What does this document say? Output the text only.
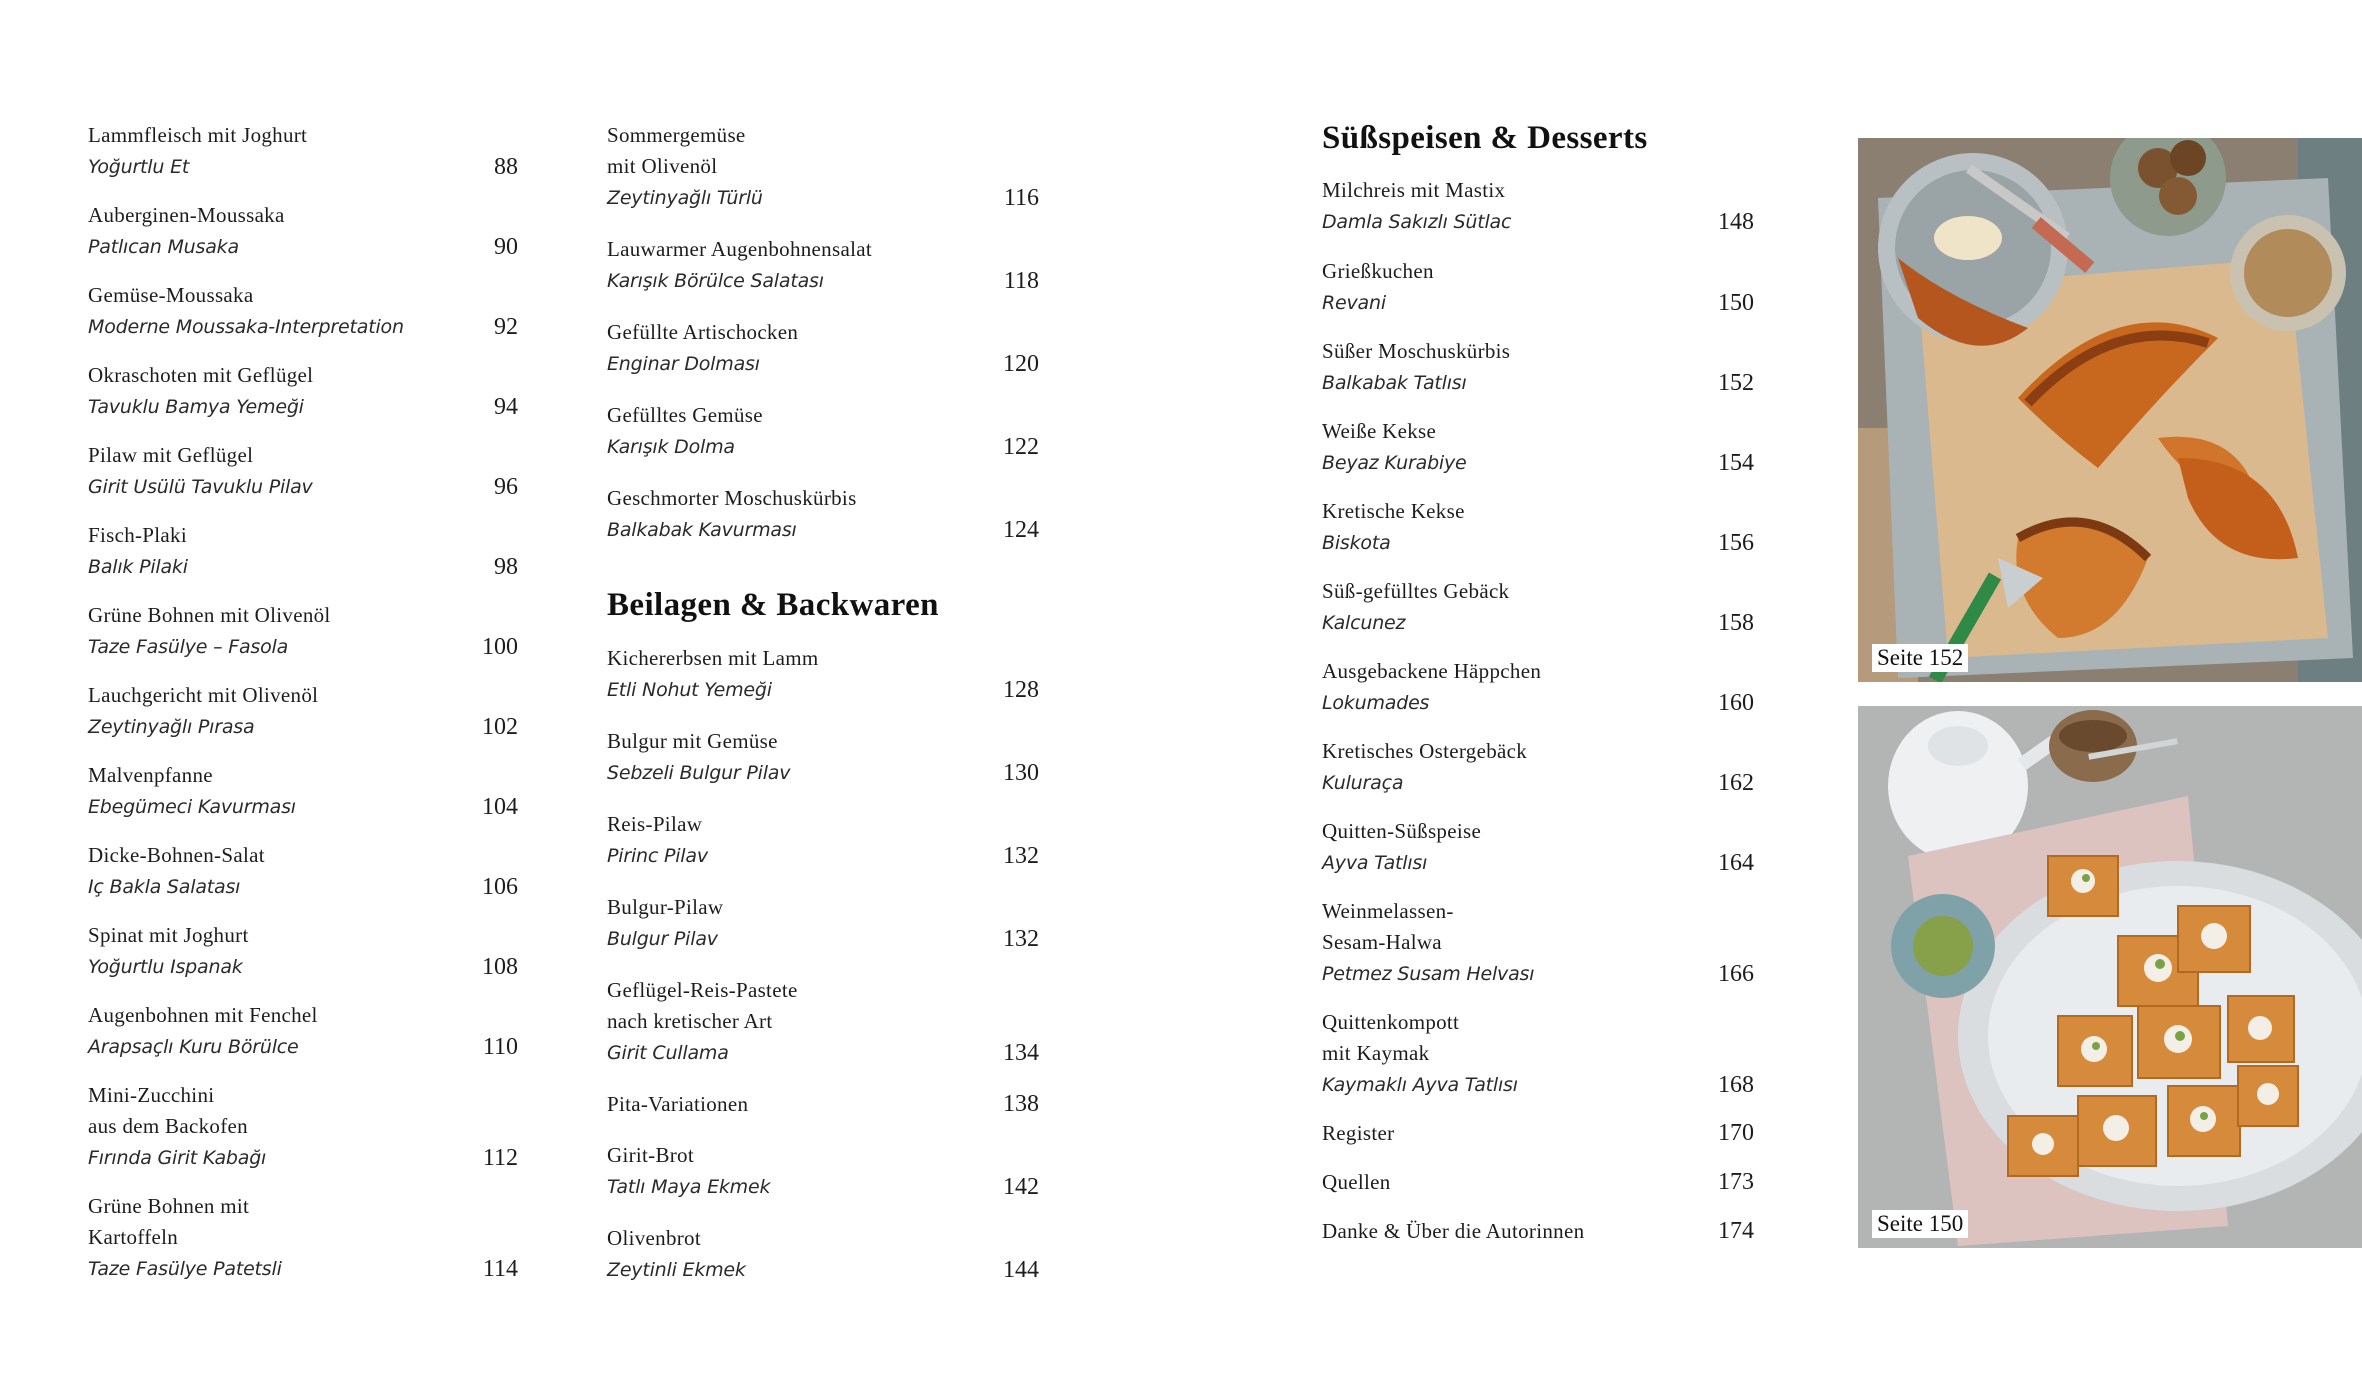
Lammfleisch mit Joghurt
Yoğurtlu Et	88
Auberginen-Moussaka
Patlıcan Musaka	90
Gemüse-Moussaka
Moderne Moussaka-Interpretation	92
Okraschoten mit Geflügel
Tavuklu Bamya Yemeği	94
Pilaw mit Geflügel
Girit Usülü Tavuklu Pilav	96
Fisch-Plaki
Balık Pilaki	98
Grüne Bohnen mit Olivenöl
Taze Fasülye – Fasola	100
Lauchgericht mit Olivenöl
Zeytinyağlı Pırasa	102
Malvenpfanne
Ebegümeci Kavurması	104
Dicke-Bohnen-Salat
Iç Bakla Salatası	106
Spinat mit Joghurt
Yoğurtlu Ispanak	108
Augenbohnen mit Fenchel
Arapsaçlı Kuru Börülce	110
Mini-Zucchini
aus dem Backofen
Fırında Girit Kabağı	112
Grüne Bohnen mit
Kartoffeln
Taze Fasülye Patetsli	114
Sommergemüse
mit Olivenöl
Zeytinyağlı Türlü	116
Lauwarmer Augenbohnensalat
Karışık Börülce Salatası	118
Gefüllte Artischocken
Enginar Dolması	120
Gefülltes Gemüse
Karışık Dolma	122
Geschmorter Moschuskürbis
Balkabak Kavurması	124
Beilagen & Backwaren
Kichererbsen mit Lamm
Etli Nohut Yemeği	128
Bulgur mit Gemüse
Sebzeli Bulgur Pilav	130
Reis-Pilaw
Pirinc Pilav	132
Bulgur-Pilaw
Bulgur Pilav	132
Geflügel-Reis-Pastete
nach kretischer Art
Girit Cullama	134
Pita-Variationen	138
Girit-Brot
Tatlı Maya Ekmek	142
Olivenbrot
Zeytinli Ekmek	144
Süßspeisen & Desserts
Milchreis mit Mastix
Damla Sakızlı Sütlac	148
Grießkuchen
Revani	150
Süßer Moschuskürbis
Balkabak Tatlısı	152
Weiße Kekse
Beyaz Kurabiye	154
Kretische Kekse
Biskota	156
Süß-gefülltes Gebäck
Kalcunez	158
Ausgebackene Häppchen
Lokumades	160
Kretisches Ostergebäck
Kuluraça	162
Quitten-Süßspeise
Ayva Tatlısı	164
Weinmelassen-
Sesam-Halwa
Petmez Susam Helvası	166
Quittenkompott
mit Kaymak
Kaymaklı Ayva Tatlısı	168
Register	170
Quellen	173
Danke & Über die Autorinnen	174
Seite 152
Seite 150
